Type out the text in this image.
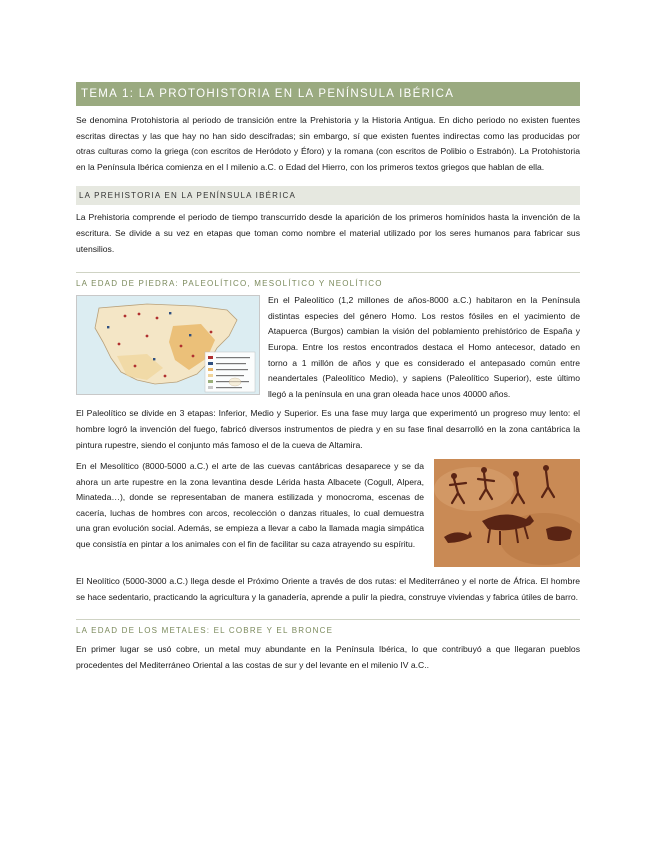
TEMA 1: LA PROTOHISTORIA EN LA PENÍNSULA IBÉRICA

Se denomina Protohistoria al periodo de transición entre la Prehistoria y la Historia Antigua. En dicho periodo no existen fuentes escritas directas y las que hay no han sido descifradas; sin embargo, sí que existen fuentes indirectas como las producidas por otras culturas como la griega (con escritos de Heródoto y Éforo) y la romana (con escritos de Polibio o Estrabón). La Protohistoria en la Península Ibérica comienza en el I milenio a.C. o Edad del Hierro, con los primeros textos griegos que hablan de ella.

LA PREHISTORIA EN LA PENÍNSULA IBÉRICA

La Prehistoria comprende el periodo de tiempo transcurrido desde la aparición de los primeros homínidos hasta la invención de la escritura. Se divide a su vez en etapas que toman como nombre el material utilizado por los seres humanos para fabricar sus utensilios.

LA EDAD DE PIEDRA: PALEOLÍTICO, MESOLÍTICO Y NEOLÍTICO

En el Paleolítico (1,2 millones de años-8000 a.C.) habitaron en la Península distintas especies del género Homo. Los restos fósiles en el yacimiento de Atapuerca (Burgos) cambian la visión del poblamiento prehistórico de España y Europa. Entre los restos encontrados destaca el Homo antecesor, datado en torno a 1 millón de años y que es considerado el antepasado común entre neandertales (Paleolítico Medio), y sapiens (Paleolítico Superior), este último llegó a la península en una gran oleada hace unos 40000 años.

El Paleolítico se divide en 3 etapas: Inferior, Medio y Superior. Es una fase muy larga que experimentó un progreso muy lento: el hombre logró la invención del fuego, fabricó diversos instrumentos de piedra y en su fase final desarrolló en la zona cantábrica la pintura rupestre, siendo el conjunto más famoso el de la cueva de Altamira.

En el Mesolítico (8000-5000 a.C.) el arte de las cuevas cantábricas desaparece y se da ahora un arte rupestre en la zona levantina desde Lérida hasta Albacete (Cogull, Alpera, Minateda…), donde se representaban de manera estilizada y monocroma, escenas de cacería, luchas de hombres con arcos, recolección o danzas rituales, lo cual demuestra una gran evolución social. Además, se empieza a llevar a cabo la llamada magia simpática que consistía en pintar a los animales con el fin de facilitar su caza atrayendo su espíritu.

El Neolítico (5000-3000 a.C.) llega desde el Próximo Oriente a través de dos rutas: el Mediterráneo y el norte de África. El hombre se hace sedentario, practicando la agricultura y la ganadería, aprende a pulir la piedra, construye viviendas y fabrica útiles de barro.

LA EDAD DE LOS METALES: EL COBRE Y EL BRONCE

En primer lugar se usó cobre, un metal muy abundante en la Península Ibérica, lo que contribuyó a que llegaran pueblos procedentes del Mediterráneo Oriental a las costas de sur y del levante en el milenio IV a.C..
